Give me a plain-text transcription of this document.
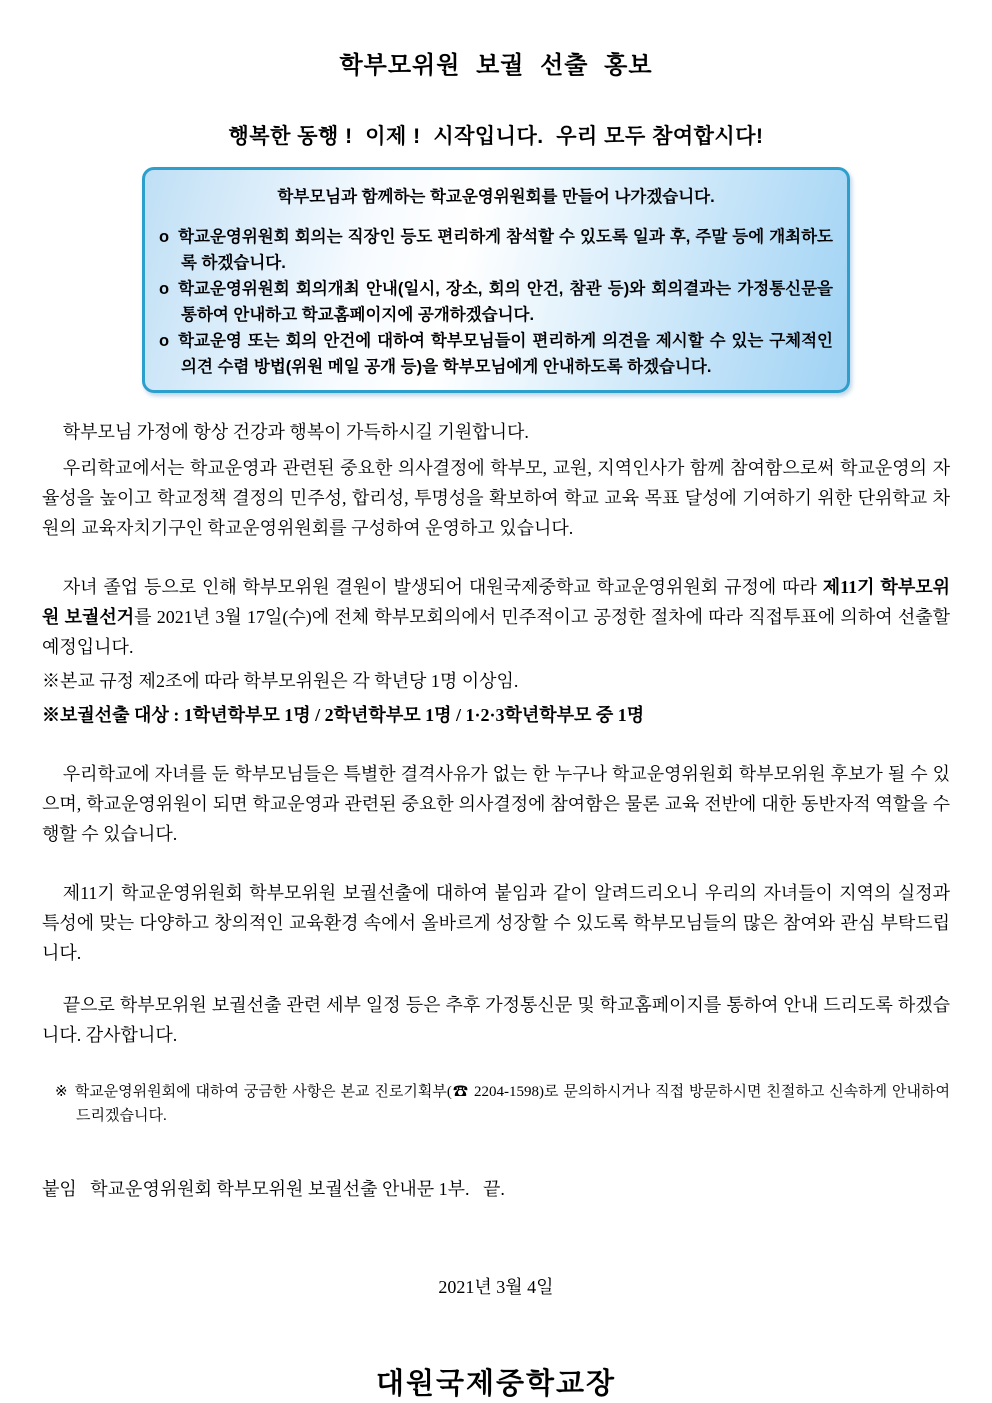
학부모위원 보궐 선출 홍보
행복한 동행 !  이제 !  시작입니다.  우리 모두 참여합시다!

학부모님과 함께하는 학교운영위원회를 만들어 나가겠습니다.

o 학교운영위원회 회의는 직장인 등도 편리하게 참석할 수 있도록 일과 후, 주말 등에 개최하도록 하겠습니다.

o 학교운영위원회 회의개최 안내(일시, 장소, 회의 안건, 참관 등)와 회의결과는 가정통신문을 통하여 안내하고 학교홈페이지에 공개하겠습니다.

o 학교운영 또는 회의 안건에 대하여 학부모님들이 편리하게 의견을 제시할 수 있는 구체적인 의견 수렴 방법(위원 메일 공개 등)을 학부모님에게 안내하도록 하겠습니다.

학부모님 가정에 항상 건강과 행복이 가득하시길 기원합니다.

우리학교에서는 학교운영과 관련된 중요한 의사결정에 학부모, 교원, 지역인사가 함께 참여함으로써 학교운영의 자율성을 높이고 학교정책 결정의 민주성, 합리성, 투명성을 확보하여 학교 교육 목표 달성에 기여하기 위한 단위학교 차원의 교육자치기구인 학교운영위원회를 구성하여 운영하고 있습니다.

자녀 졸업 등으로 인해 학부모위원 결원이 발생되어 대원국제중학교 학교운영위원회 규정에 따라 제11기 학부모위원 보궐선거를 2021년 3월 17일(수)에 전체 학부모회의에서 민주적이고 공정한 절차에 따라 직접투표에 의하여 선출할 예정입니다.

※본교 규정 제2조에 따라 학부모위원은 각 학년당 1명 이상임.

※보궐선출 대상 : 1학년학부모 1명 / 2학년학부모 1명 / 1·2·3학년학부모 중 1명

우리학교에 자녀를 둔 학부모님들은 특별한 결격사유가 없는 한 누구나 학교운영위원회 학부모위원 후보가 될 수 있으며, 학교운영위원이 되면 학교운영과 관련된 중요한 의사결정에 참여함은 물론 교육 전반에 대한 동반자적 역할을 수행할 수 있습니다.

제11기 학교운영위원회 학부모위원 보궐선출에 대하여 붙임과 같이 알려드리오니 우리의 자녀들이 지역의 실정과 특성에 맞는 다양하고 창의적인 교육환경 속에서 올바르게 성장할 수 있도록 학부모님들의 많은 참여와 관심 부탁드립니다.

끝으로 학부모위원 보궐선출 관련 세부 일정 등은 추후 가정통신문 및 학교홈페이지를 통하여 안내 드리도록 하겠습니다. 감사합니다.

※ 학교운영위원회에 대하여 궁금한 사항은 본교 진로기획부(☎ 2204-1598)로 문의하시거나 직접 방문하시면 친절하고 신속하게 안내하여 드리겠습니다.

붙임   학교운영위원회 학부모위원 보궐선출 안내문 1부.   끝.

2021년 3월 4일

대원국제중학교장
